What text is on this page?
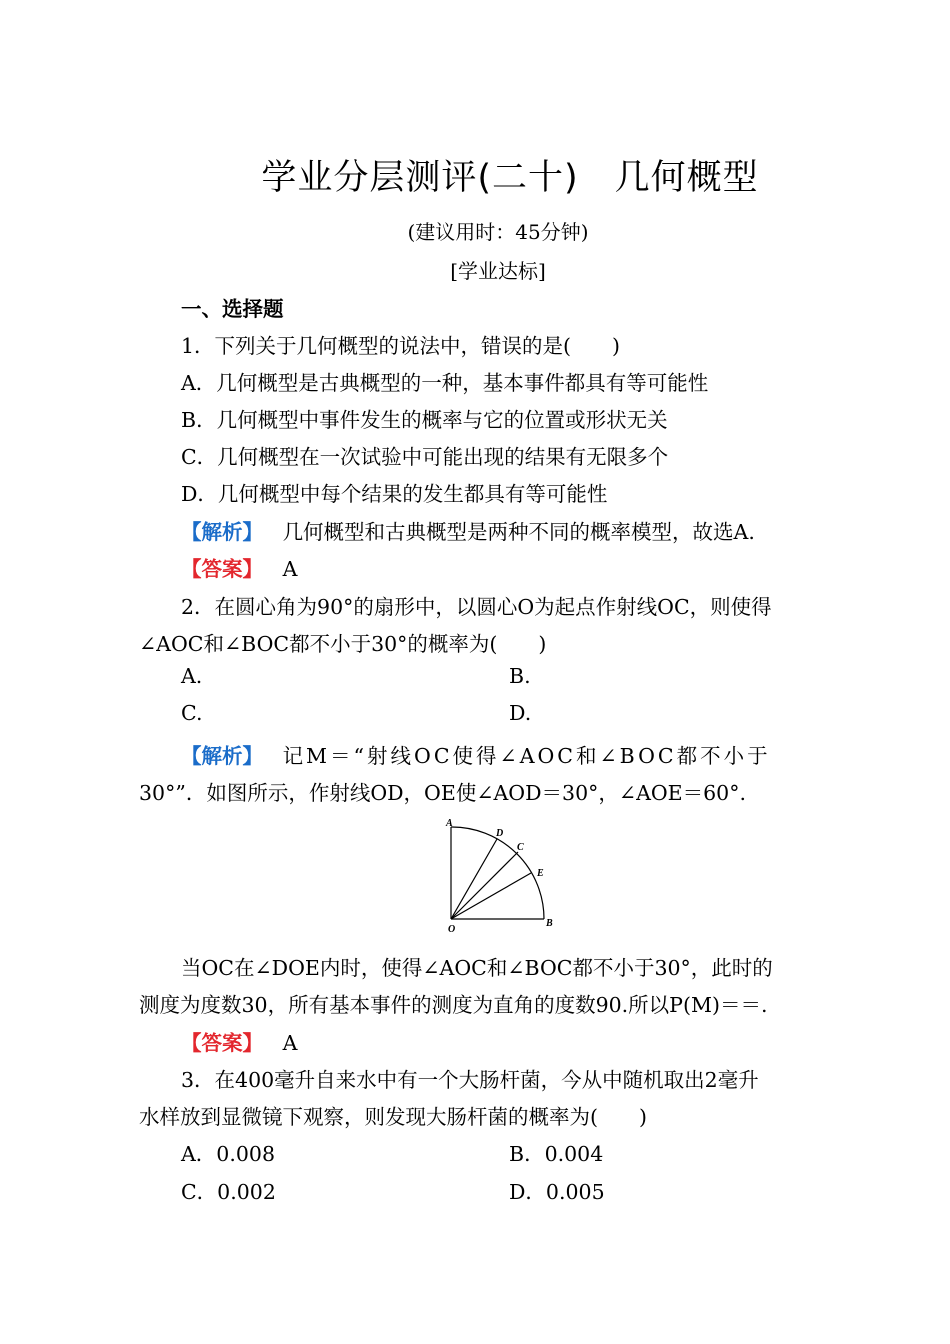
学业分层测评(二十)　几何概型
(建议用时：45分钟)
[学业达标]
一、选择题
1．下列关于几何概型的说法中，错误的是(　　)
A．几何概型是古典概型的一种，基本事件都具有等可能性
B．几何概型中事件发生的概率与它的位置或形状无关
C．几何概型在一次试验中可能出现的结果有无限多个
D．几何概型中每个结果的发生都具有等可能性
【解析】 几何概型和古典概型是两种不同的概率模型，故选A.
【答案】 A
2．在圆心角为90°的扇形中，以圆心O为起点作射线OC，则使得
∠AOC和∠BOC都不小于30°的概率为(　　)
A.	B.
C.	D.
【解析】 记M＝“射线OC使得∠AOC和∠BOC都不小于
30°”．如图所示，作射线OD，OE使∠AOD＝30°，∠AOE＝60°.
A
D
C
E
B
O
当OC在∠DOE内时，使得∠AOC和∠BOC都不小于30°，此时的
测度为度数30，所有基本事件的测度为直角的度数90.所以P(M)＝＝.
【答案】 A
3．在400毫升自来水中有一个大肠杆菌，今从中随机取出2毫升
水样放到显微镜下观察，则发现大肠杆菌的概率为(　　)
A．0.008	B．0.004
C．0.002	D．0.005
